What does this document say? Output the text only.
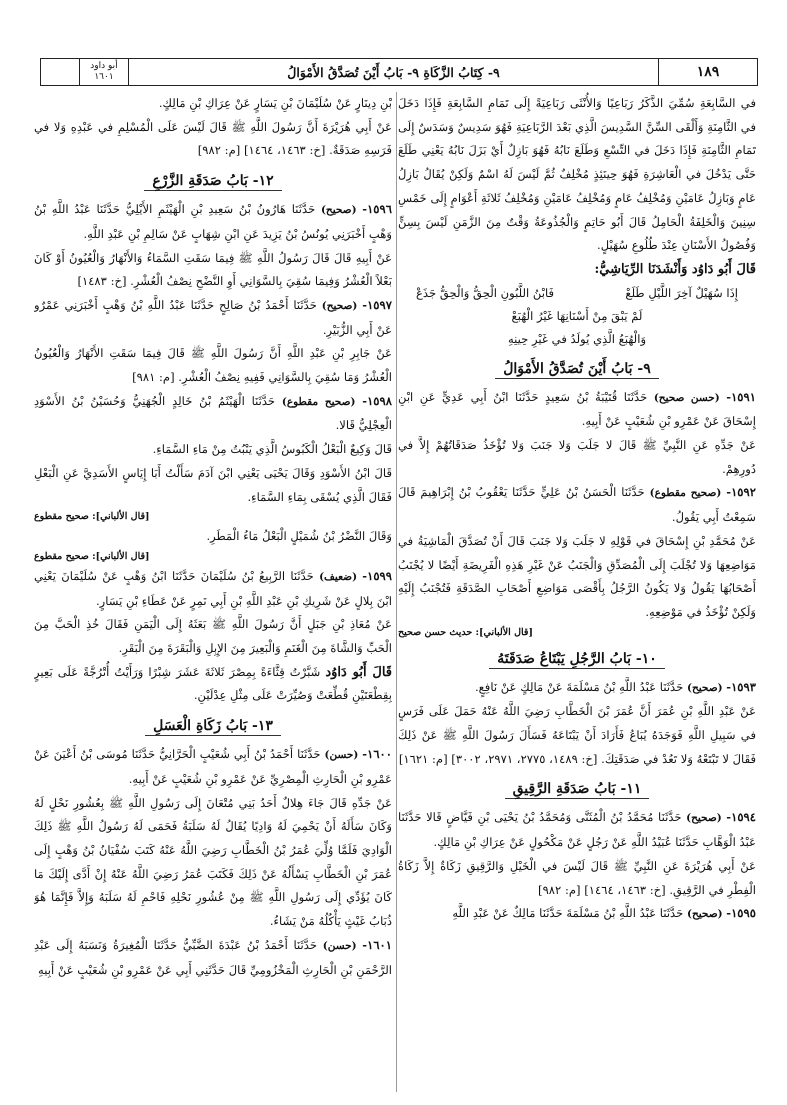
أبو داود
١٦٠١	٩- كِتَابُ الزَّكَاةِ ٩- بَابُ أَيْنَ تُصَدَّقُ الأَمْوَالُ	١٨٩

في السَّابِعَةِ سُمِّيَ الذَّكَرُ رَبَاعِيًا وَالأُنْثَى رَبَاعِيَةً إِلَى تَمَامِ السَّابِعَةِ فَإِذَا دَخَلَ في الثَّامِنَةِ وَأَلْقَى السِّنَّ السَّدِيسَ الَّذِي بَعْدَ الرَّبَاعِيَةِ فَهُوَ سَدِيسٌ وَسَدَسٌ إِلَى تَمَامِ الثَّامِنَةِ فَإِذَا دَخَلَ في التِّسْعِ وَطَلَعَ نَابُهُ فَهُوَ بَازِلٌ أَيْ بَزَلَ نَابُهُ يَعْنِي طَلَعَ حَتَّى يَدْخُلَ في الْعَاشِرَةِ فَهُوَ حِينَئِذٍ مُخْلِفٌ ثُمَّ لَيْسَ لَهُ اسْمٌ وَلَكِنْ يُقَالُ بَازِلُ عَامٍ وَبَازِلُ عَامَيْنِ وَمُخْلِفُ عَامٍ وَمُخْلِفُ عَامَيْنِ وَمُخْلِفُ ثَلاثَةِ أَعْوَامٍ إِلَى خَمْسِ سِنِينَ وَالْخَلِفَةُ الْحَامِلُ قَالَ أَبُو حَاتِمٍ وَالْجُذُوعَةُ وَقْتٌ مِنَ الزَّمَنِ لَيْسَ بِسِنٍّ وَفُصُولُ الأَسْنَانِ عِنْدَ طُلُوعِ سُهَيْلٍ.

قَالَ أَبُو دَاوُد وَأَنْشَدَنَا الرِّيَاشِيُّ:

إِذَا سُهَيْلٌ آخِرَ اللَّيْلِ طَلَعْ
فَابْنُ اللَّبُونِ الْحِقُّ وَالْحِقُّ جَذَعْ
لَمْ يَبْقَ مِنْ أَسْنَانِهَا غَيْرُ الْهُبَعْ
وَالْهُبَعُ الَّذِي يُولَدُ في غَيْرِ حِينِهِ
٩- بَابُ أَيْنَ تُصَدَّقُ الأَمْوَالُ

١٥٩١- (حسن صحيح) حَدَّثَنَا قُتَيْبَةُ بْنُ سَعِيدٍ حَدَّثَنَا ابْنُ أَبِي عَدِيٍّ عَنِ ابْنِ إِسْحَاقَ عَنْ عَمْرِو بْنِ شُعَيْبٍ عَنْ أَبِيهِ.

عَنْ جَدِّهِ عَنِ النَّبِيِّ ﷺ قَالَ لا جَلَبَ وَلا جَنَبَ وَلا تُؤْخَذُ صَدَقَاتُهُمْ إِلاَّ في دُورِهِمْ.

١٥٩٢- (صحيح مقطوع) حَدَّثَنَا الْحَسَنُ بْنُ عَلِيٍّ حَدَّثَنَا يَعْقُوبُ بْنُ إِبْرَاهِيمَ قَالَ سَمِعْتُ أَبِي يَقُولُ.

عَنْ مُحَمَّدِ بْنِ إِسْحَاقَ في قَوْلِهِ لا جَلَبَ وَلا جَنَبَ قَالَ أَنْ تُصَدَّقَ الْمَاشِيَةُ في مَوَاضِعِهَا وَلا تُجْلَبَ إِلَى الْمُصَدِّقِ وَالْجَنَبُ عَنْ غَيْرِ هَذِهِ الْفَرِيضَةِ أَيْضًا لا يُجْنَبُ أَصْحَابُهَا يَقُولُ وَلا يَكُونُ الرَّجُلُ بِأَقْصَى مَوَاضِعِ أَصْحَابِ الصَّدَقَةِ فَتُجْنَبُ إِلَيْهِ وَلَكِنْ تُؤْخَذُ في مَوْضِعِهِ.

[قال الألباني]: حديث حسن صحيح

١٠- بَابُ الرَّجُلِ يَبْتَاعُ صَدَقَتَهُ

١٥٩٣- (صحيح) حَدَّثَنَا عَبْدُ اللَّهِ بْنُ مَسْلَمَةَ عَنْ مَالِكٍ عَنْ نَافِعٍ.

عَنْ عَبْدِ اللَّهِ بْنِ عُمَرَ أَنَّ عُمَرَ بْنَ الْخَطَّابِ رَضِيَ اللَّهُ عَنْهُ حَمَلَ عَلَى فَرَسٍ في سَبِيلِ اللَّهِ فَوَجَدَهُ يُبَاعُ فَأَرَادَ أَنْ يَبْتَاعَهُ فَسَأَلَ رَسُولَ اللَّهِ ﷺ عَنْ ذَلِكَ فَقَالَ لا تَبْتَعْهُ وَلا تَعُدْ في صَدَقَتِكَ. [خ: ١٤٨٩، ٢٧٧٥، ٢٩٧١، ٣٠٠٢] [م: ١٦٢١]

١١- بَابُ صَدَقَةِ الرَّقِيقِ

١٥٩٤- (صحيح) حَدَّثَنَا مُحَمَّدُ بْنُ الْمُثَنَّى وَمُحَمَّدُ بْنُ يَحْيَى بْنِ فَيَّاضٍ قَالا حَدَّثَنَا عَبْدُ الْوَهَّابِ حَدَّثَنَا عُبَيْدُ اللَّهِ عَنْ رَجُلٍ عَنْ مَكْحُولٍ عَنْ عِرَاكِ بْنِ مَالِكٍ.

عَنْ أَبِي هُرَيْرَةَ عَنِ النَّبِيِّ ﷺ قَالَ لَيْسَ في الْخَيْلِ وَالرَّقِيقِ زَكَاةٌ إِلاَّ زَكَاةُ الْفِطْرِ في الرَّقِيقِ. [خ: ١٤٦٣، ١٤٦٤] [م: ٩٨٢]

١٥٩٥- (صحيح) حَدَّثَنَا عَبْدُ اللَّهِ بْنُ مَسْلَمَةَ حَدَّثَنَا مَالِكٌ عَنْ عَبْدِ اللَّهِ

بْنِ دِينَارٍ عَنْ سُلَيْمَانَ بْنِ يَسَارٍ عَنْ عِرَاكِ بْنِ مَالِكٍ.

عَنْ أَبِي هُرَيْرَةَ أَنَّ رَسُولَ اللَّهِ ﷺ قَالَ لَيْسَ عَلَى الْمُسْلِمِ في عَبْدِهِ وَلا في فَرَسِهِ صَدَقَةٌ. [خ: ١٤٦٣، ١٤٦٤] [م: ٩٨٢]

١٢- بَابُ صَدَقَةِ الزَّرْعِ

١٥٩٦- (صحيح) حَدَّثَنَا هَارُونُ بْنُ سَعِيدِ بْنِ الْهَيْثَمِ الأَيْلِيُّ حَدَّثَنَا عَبْدُ اللَّهِ بْنُ وَهْبٍ أَخْبَرَنِي يُونُسُ بْنُ يَزِيدَ عَنِ ابْنِ شِهَابٍ عَنْ سَالِمِ بْنِ عَبْدِ اللَّهِ.

عَنْ أَبِيهِ قَالَ قَالَ رَسُولُ اللَّهِ ﷺ فِيمَا سَقَتِ السَّمَاءُ وَالأَنْهَارُ وَالْعُيُونُ أَوْ كَانَ بَعْلاً الْعُشْرُ وَفِيمَا سُقِيَ بِالسَّوَانِي أَوِ النَّضْحِ نِصْفُ الْعُشْرِ. [خ: ١٤٨٣]

١٥٩٧- (صحيح) حَدَّثَنَا أَحْمَدُ بْنُ صَالِحٍ حَدَّثَنَا عَبْدُ اللَّهِ بْنُ وَهْبٍ أَخْبَرَنِي عَمْرٌو عَنْ أَبِي الزُّبَيْرِ.

عَنْ جَابِرِ بْنِ عَبْدِ اللَّهِ أَنَّ رَسُولَ اللَّهِ ﷺ قَالَ فِيمَا سَقَتِ الأَنْهَارُ وَالْعُيُونُ الْعُشْرُ وَمَا سُقِيَ بِالسَّوَانِي فَفِيهِ نِصْفُ الْعُشْرِ. [م: ٩٨١]

١٥٩٨- (صحيح مقطوع) حَدَّثَنَا الْهَيْثَمُ بْنُ خَالِدٍ الْجُهَنِيُّ وَحُسَيْنُ بْنُ الأَسْوَدِ الْعِجْلِيُّ قَالا.

قَالَ وَكِيعٌ الْبَعْلُ الْكَبُوسُ الَّذِي يَنْبُتُ مِنْ مَاءِ السَّمَاءِ.

قَالَ ابْنُ الأَسْوَدِ وَقَالَ يَحْيَى يَعْنِي ابْنَ آدَمَ سَأَلْتُ أَبَا إِيَاسٍ الأَسَدِيَّ عَنِ الْبَعْلِ فَقَالَ الَّذِي يُسْقَى بِمَاءِ السَّمَاءِ.

[قال الألباني]: صحيح مقطوع

وَقَالَ النَّضْرُ بْنُ شُمَيْلٍ الْبَعْلُ مَاءُ الْمَطَرِ.

[قال الألباني]: صحيح مقطوع

١٥٩٩- (ضعيف) حَدَّثَنَا الرَّبِيعُ بْنُ سُلَيْمَانَ حَدَّثَنَا ابْنُ وَهْبٍ عَنْ سُلَيْمَانَ يَعْنِي ابْنَ بِلالٍ عَنْ شَرِيكِ بْنِ عَبْدِ اللَّهِ بْنِ أَبِي نَمِرٍ عَنْ عَطَاءِ بْنِ يَسَارٍ.

عَنْ مُعَاذِ بْنِ جَبَلٍ أَنَّ رَسُولَ اللَّهِ ﷺ بَعَثَهُ إِلَى الْيَمَنِ فَقَالَ خُذِ الْحَبَّ مِنَ الْحَبِّ وَالشَّاةَ مِنَ الْغَنَمِ وَالْبَعِيرَ مِنَ الإِبِلِ وَالْبَقَرَةَ مِنَ الْبَقَرِ.

قَالَ أَبُو دَاوُد شَبَّرْتُ قِثَّاءَةً بِمِصْرَ ثَلاثَةَ عَشَرَ شِبْرًا وَرَأَيْتُ أُتْرُجَّةً عَلَى بَعِيرٍ بِقِطْعَتَيْنِ قُطِّعَتْ وَصُيِّرَتْ عَلَى مِثْلِ عِدْلَيْنِ.

١٣- بَابُ زَكَاةِ الْعَسَلِ

١٦٠٠- (حسن) حَدَّثَنَا أَحْمَدُ بْنُ أَبِي شُعَيْبٍ الْحَرَّانِيُّ حَدَّثَنَا مُوسَى بْنُ أَعْيَنَ عَنْ عَمْرِو بْنِ الْحَارِثِ الْمِصْرِيِّ عَنْ عَمْرِو بْنِ شُعَيْبٍ عَنْ أَبِيهِ.

عَنْ جَدِّهِ قَالَ جَاءَ هِلالٌ أَحَدُ بَنِي مُتْعَانَ إِلَى رَسُولِ اللَّهِ ﷺ بِعُشُورِ نَحْلٍ لَهُ وَكَانَ سَأَلَهُ أَنْ يَحْمِيَ لَهُ وَادِيًا يُقَالُ لَهُ سَلَبَةُ فَحَمَى لَهُ رَسُولُ اللَّهِ ﷺ ذَلِكَ الْوَادِيَ فَلَمَّا وُلِّيَ عُمَرُ بْنُ الْخَطَّابِ رَضِيَ اللَّهُ عَنْهُ كَتَبَ سُفْيَانُ بْنُ وَهْبٍ إِلَى عُمَرَ بْنِ الْخَطَّابِ يَسْأَلُهُ عَنْ ذَلِكَ فَكَتَبَ عُمَرُ رَضِيَ اللَّهُ عَنْهُ إِنْ أَدَّى إِلَيْكَ مَا كَانَ يُؤَدِّي إِلَى رَسُولِ اللَّهِ ﷺ مِنْ عُشُورِ نَحْلِهِ فَاحْمِ لَهُ سَلَبَهُ وَإِلاَّ فَإِنَّمَا هُوَ ذُبَابُ غَيْثٍ يَأْكُلُهُ مَنْ يَشَاءُ.

١٦٠١- (حسن) حَدَّثَنَا أَحْمَدُ بْنُ عَبْدَةَ الضَّبِّيُّ حَدَّثَنَا الْمُغِيرَةُ وَنَسَبَهُ إِلَى عَبْدِ الرَّحْمَنِ بْنِ الْحَارِثِ الْمَخْزُومِيِّ قَالَ حَدَّثَنِي أَبِي عَنْ عَمْرِو بْنِ شُعَيْبٍ عَنْ أَبِيهِ
